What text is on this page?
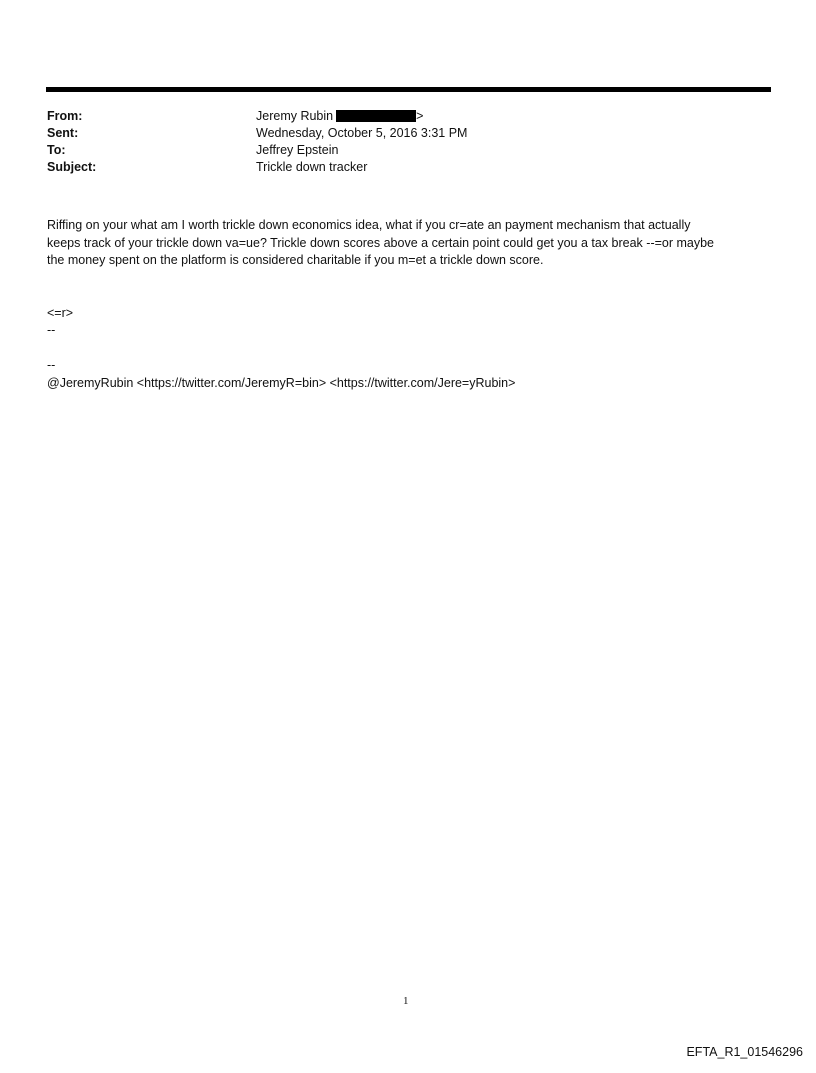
From:	Jeremy Rubin	>
Sent:	Wednesday, October 5, 2016 3:31 PM
To:	Jeffrey Epstein
Subject:	Trickle down tracker
Riffing on your what am I worth trickle down economics idea, what if you cr=ate an payment mechanism that actually
keeps track of your trickle down va=ue? Trickle down scores above a certain point could get you a tax break --=or maybe
the money spent on the platform is considered charitable if you m=et a trickle down score.
<=r>
--
--
@JeremyRubin <https://twitter.com/JeremyR=bin> <https://twitter.com/Jere=yRubin>
1
EFTA_R1_01546296
